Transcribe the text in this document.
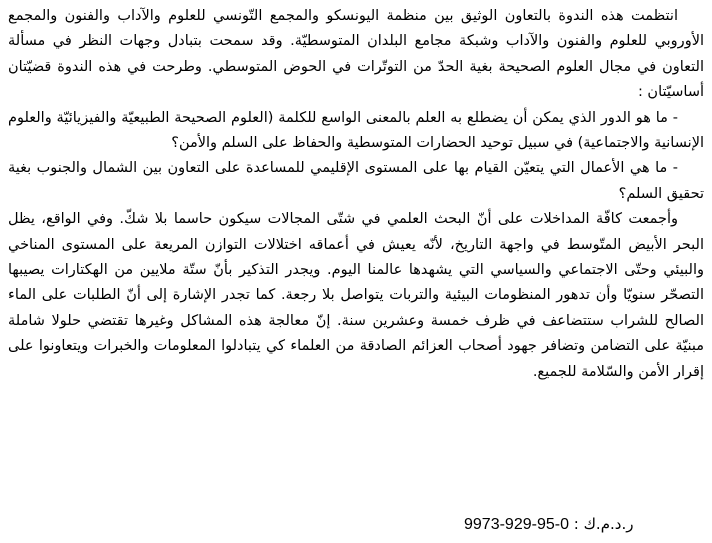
انتظمت هذه الندوة بالتعاون الوثيق بين منظمة اليونسكو والمجمع التّونسي للعلوم والآداب والفنون والمجمع الأوروبي للعلوم والفنون والآداب وشبكة مجامع البلدان المتوسطيّة. وقد سمحت بتبادل وجهات النظر في مسألة التعاون في مجال العلوم الصحيحة بغية الحدّ من التوتّرات في الحوض المتوسطي. وطرحت في هذه الندوة قضيّتان أساسيّتان :

- ما هو الدور الذي يمكن أن يضطلع به العلم بالمعنى الواسع للكلمة (العلوم الصحيحة الطبيعيّة والفيزيائيّة والعلوم الإنسانية والاجتماعية) في سبيل توحيد الحضارات المتوسطية والحفاظ على السلم والأمن؟

- ما هي الأعمال التي يتعيّن القيام بها على المستوى الإقليمي للمساعدة على التعاون بين الشمال والجنوب بغية تحقيق السلم؟

وأجمعت كافّة المداخلات على أنّ البحث العلمي في شتّى المجالات سيكون حاسما بلا شكّ. وفي الواقع، يظل البحر الأبيض المتّوسط في واجهة التاريخ، لأنّه يعيش في أعماقه اختلالات التوازن المريعة على المستوى المناخي والبيئي وحتّى الاجتماعي والسياسي التي يشهدها عالمنا اليوم. ويجدر التذكير بأنّ ستّة ملايين من الهكتارات يصيبها التصحّر سنويّا وأن تدهور المنظومات البيئية والتربات يتواصل بلا رجعة. كما تجدر الإشارة إلى أنّ الطلبات على الماء الصالح للشراب ستتضاعف في ظرف خمسة وعشرين سنة. إنّ معالجة هذه المشاكل وغيرها تقتضي حلولا شاملة مبنيّة على التضامن وتضافر جهود أصحاب العزائم الصادقة من العلماء كي يتبادلوا المعلومات والخبرات ويتعاونوا على إقرار الأمن والسّلامة للجميع.

ر.د.م.ك : 9973-929-95-0
